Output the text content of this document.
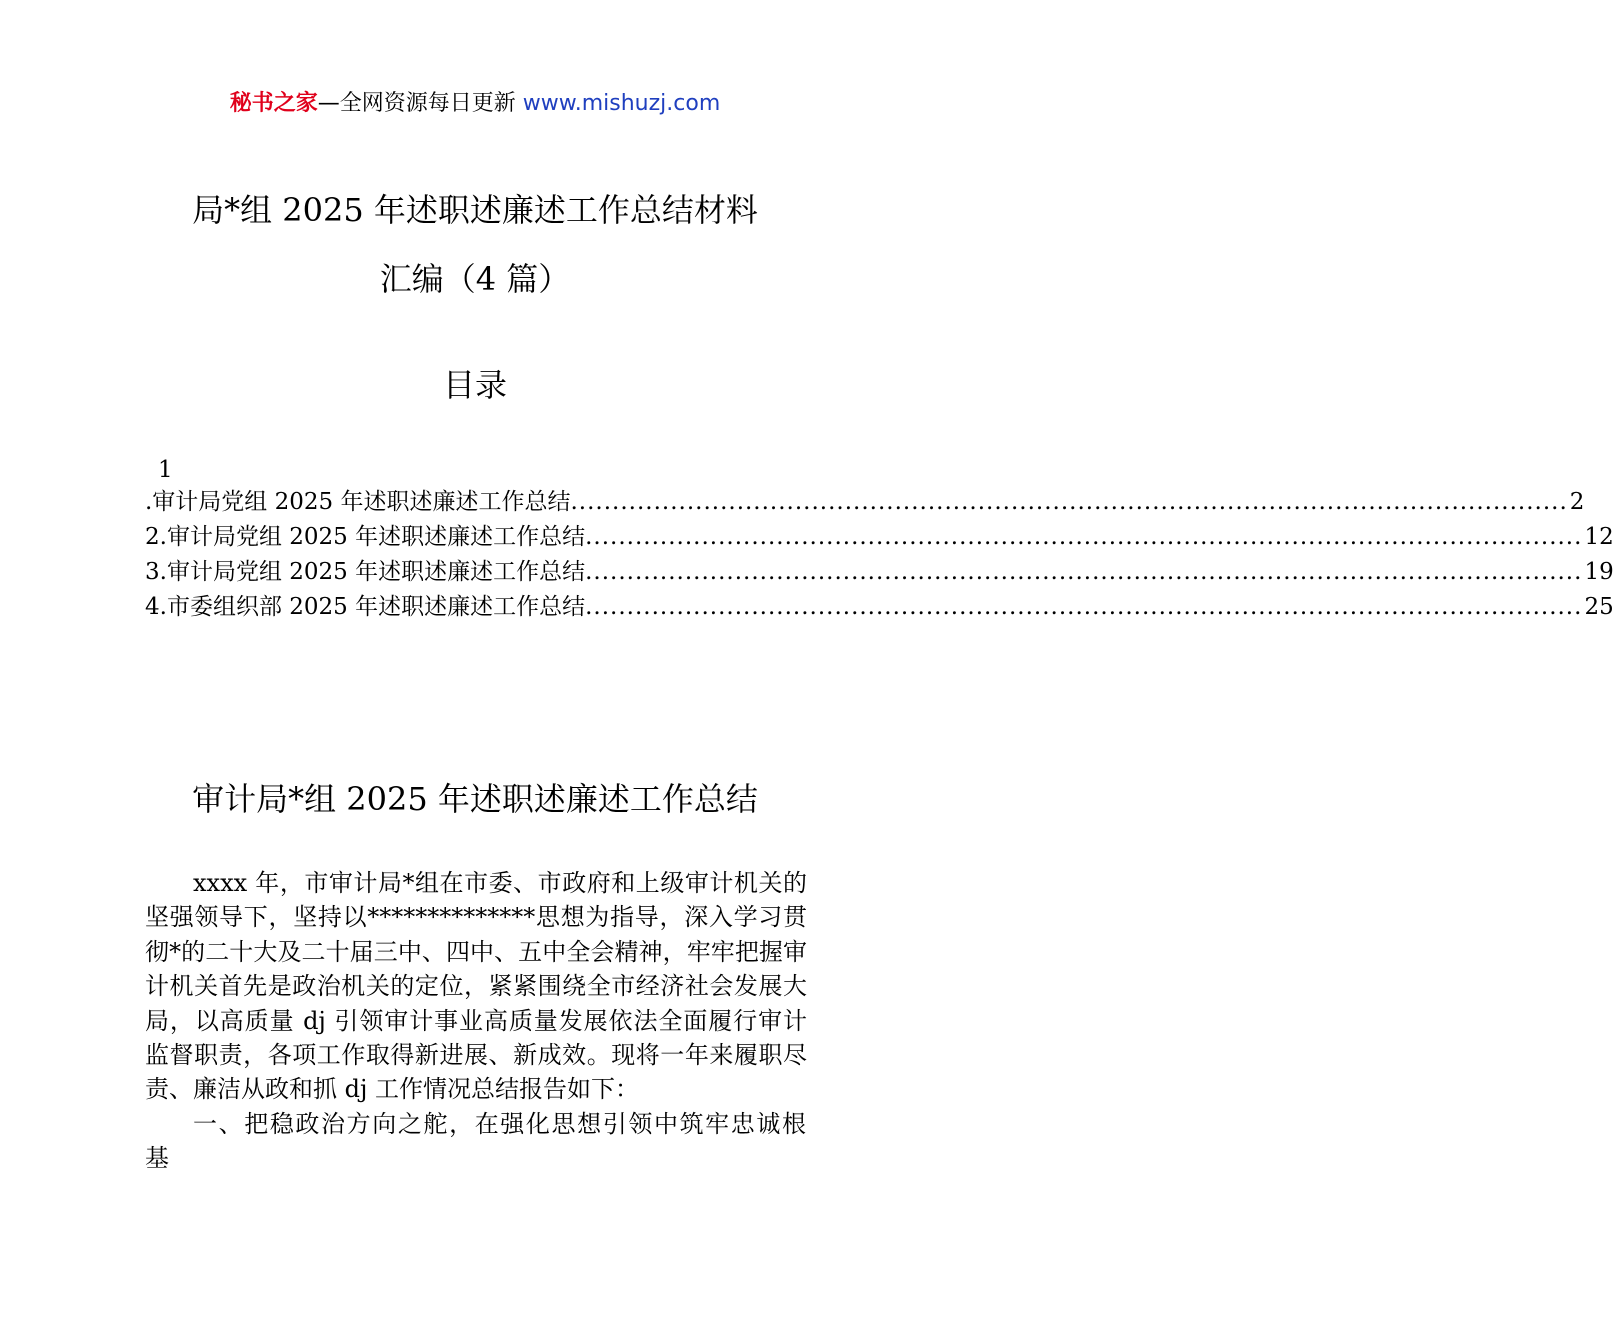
秘书之家—全网资源每日更新 www.mishuzj.com
局*组 2025 年述职述廉述工作总结材料
汇编（4 篇）
目录
1
.审计局党组 2025 年述职述廉述工作总结 ........................................................................................................................ 2
2.审计局党组 2025 年述职述廉述工作总结 ........................................................................................................................ 12
3.审计局党组 2025 年述职述廉述工作总结 ........................................................................................................................ 19
4.市委组织部 2025 年述职述廉述工作总结 ........................................................................................................................ 25
审计局*组 2025 年述职述廉述工作总结

xxxx 年，市审计局*组在市委、市政府和上级审计机关的坚强领导下，坚持以**************思想为指导，深入学习贯彻*的二十大及二十届三中、四中、五中全会精神，牢牢把握审计机关首先是政治机关的定位，紧紧围绕全市经济社会发展大局，以高质量 dj 引领审计事业高质量发展依法全面履行审计监督职责，各项工作取得新进展、新成效。现将一年来履职尽责、廉洁从政和抓 dj 工作情况总结报告如下：

一、把稳政治方向之舵，在强化思想引领中筑牢忠诚根基
